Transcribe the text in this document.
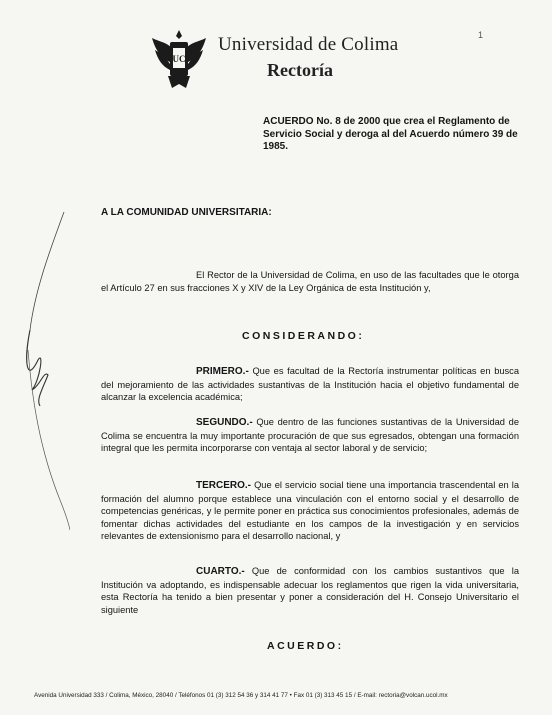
UC
Universidad de Colima
Rectoría
1
ACUERDO No. 8 de 2000 que crea el Reglamento de Servicio Social y deroga al del Acuerdo número 39 de 1985.
A LA COMUNIDAD UNIVERSITARIA:
El Rector de la Universidad de Colima, en uso de las facultades que le otorga el Artículo 27 en sus fracciones X y XIV de la Ley Orgánica de esta Institución y,
CONSIDERANDO:
PRIMERO.- Que es facultad de la Rectoría instrumentar políticas en busca del mejoramiento de las actividades sustantivas de la Institución hacia el objetivo fundamental de alcanzar la excelencia académica;
SEGUNDO.- Que dentro de las funciones sustantivas de la Universidad de Colima se encuentra la muy importante procuración de que sus egresados, obtengan una formación integral que les permita incorporarse con ventaja al sector laboral y de servicio;
TERCERO.- Que el servicio social tiene una importancia trascendental en la formación del alumno porque establece una vinculación con el entorno social y el desarrollo de competencias genéricas, y le permite poner en práctica sus conocimientos profesionales, además de fomentar dichas actividades del estudiante en los campos de la investigación y en servicios relevantes de extensionismo para el desarrollo nacional, y
CUARTO.- Que de conformidad con los cambios sustantivos que la Institución va adoptando, es indispensable adecuar los reglamentos que rigen la vida universitaria, esta Rectoría ha tenido a bien presentar y poner a consideración del H. Consejo Universitario el siguiente
ACUERDO:
Avenida Universidad 333 / Colima, México, 28040 / Teléfonos 01 (3) 312 54 36 y 314 41 77 • Fax 01 (3) 313 45 15 / E-mail: rectoria@volcan.ucol.mx
